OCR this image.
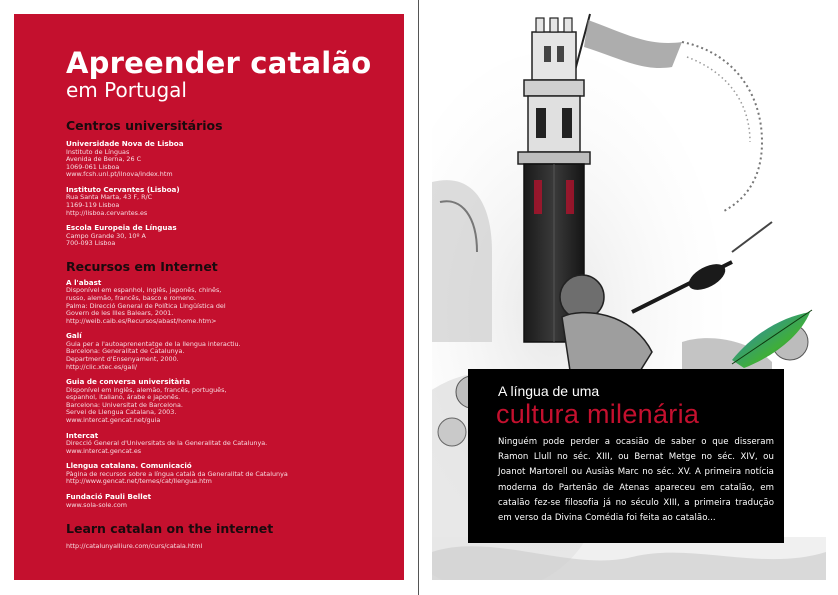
Apreender catalão
em Portugal
Centros universitários
Universidade Nova de Lisboa
Instituto de Línguas
Avenida de Berna, 26 C
1069-061 Lisboa
www.fcsh.unl.pt/ilnova/index.htm
Instituto Cervantes (Lisboa)
Rua Santa Marta, 43 F, R/C
1169-119 Lisboa
http://lisboa.cervantes.es
Escola Europeia de Línguas
Campo Grande 30, 10º A
700-093 Lisboa
Recursos em Internet
A l'abast
Disponível em espanhol, inglês, japonês, chinês,
russo, alemão, francês, basco e romeno.
Palma: Direcció General de Política Lingüística del
Govern de les Illes Balears, 2001.
http://weib.caib.es/Recursos/abast/home.htm>
Galí
Guia per a l'autoaprenentatge de la llengua interactiu.
Barcelona: Generalitat de Catalunya.
Department d'Ensenyament, 2000.
http://clic.xtec.es/gali/
Guia de conversa universitària
Disponível em inglês, alemão, francês, português,
espanhol, italiano, árabe e japonês.
Barcelona: Universitat de Barcelona.
Servei de Llengua Catalana, 2003.
www.intercat.gencat.net/guia
Intercat
Direcció General d'Universitats de la Generalitat de Catalunya.
www.intercat.gencat.es
Llengua catalana. Comunicació
Pàgina de recursos sobre a língua català da Generalitat de Catalunya
http://www.gencat.net/temes/cat/llengua.htm
Fundació Pauli Bellet
www.sola-sole.com
Learn catalan on the internet
http://catalunyalliure.com/curs/catala.html
A língua de uma
cultura milenária

Ninguém pode perder a ocasião de saber o que disseram Ramon Llull no séc. XIII, ou Bernat Metge no séc. XIV, ou Joanot Martorell ou Ausiàs Marc no séc. XV. A primeira notícia moderna do Partenão de Atenas apareceu em catalão, em catalão fez-se filosofia já no século XIII, a primeira tradução em verso da Divina Comédia foi feita ao catalão...
